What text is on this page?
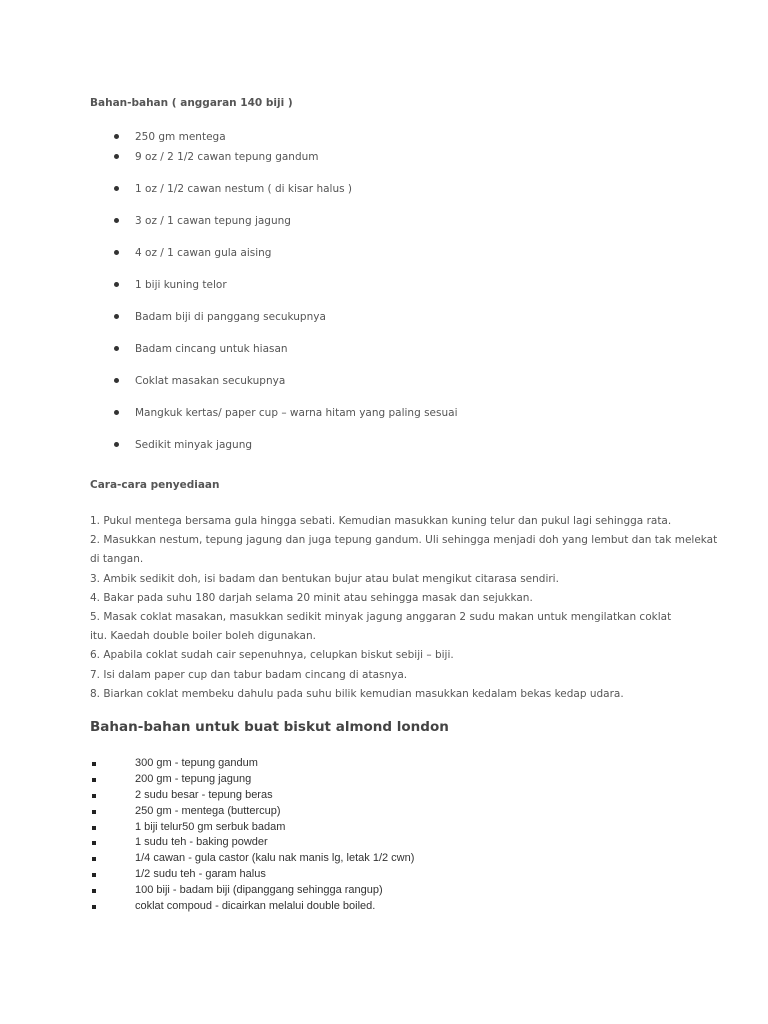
Bahan-bahan ( anggaran 140 biji )
250 gm mentega
9 oz / 2 1/2 cawan tepung gandum
1 oz / 1/2 cawan nestum ( di kisar halus )
3 oz / 1 cawan tepung jagung
4 oz / 1 cawan gula aising
1 biji kuning telor
Badam biji di panggang secukupnya
Badam cincang untuk hiasan
Coklat masakan secukupnya
Mangkuk kertas/ paper cup – warna hitam yang paling sesuai
Sedikit minyak jagung
Cara-cara penyediaan
1. Pukul mentega bersama gula hingga sebati. Kemudian masukkan kuning telur dan pukul lagi sehingga rata.
2. Masukkan nestum, tepung jagung dan juga tepung gandum. Uli sehingga menjadi doh yang lembut dan tak melekat
di tangan.
3. Ambik sedikit doh, isi badam dan bentukan bujur atau bulat mengikut citarasa sendiri.
4. Bakar pada suhu 180 darjah selama 20 minit atau sehingga masak dan sejukkan.
5. Masak coklat masakan, masukkan sedikit minyak jagung anggaran 2 sudu makan untuk mengilatkan coklat
itu. Kaedah double boiler boleh digunakan.
6. Apabila coklat sudah cair sepenuhnya, celupkan biskut sebiji – biji.
7. Isi dalam paper cup dan tabur badam cincang di atasnya.
8. Biarkan coklat membeku dahulu pada suhu bilik kemudian masukkan kedalam bekas kedap udara.
Bahan-bahan untuk buat biskut almond london
300 gm - tepung gandum
200 gm - tepung jagung
2 sudu besar - tepung beras
250 gm - mentega (buttercup)
1 biji telur50 gm serbuk badam
1 sudu teh - baking powder
1/4 cawan - gula castor (kalu nak manis lg, letak 1/2 cwn)
1/2 sudu teh - garam halus
100 biji - badam biji (dipanggang sehingga rangup)
coklat compoud - dicairkan melalui double boiled.
